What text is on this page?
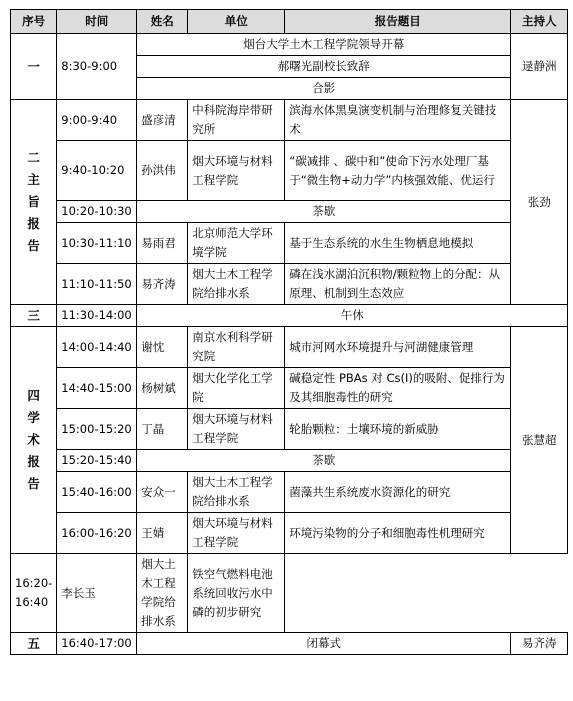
序号	时间	姓名	单位	报告题目	主持人
一	8:30-9:00	烟台大学土木工程学院领导开幕			逯静洲
		郝曙光副校长致辞			
		合影			

二
主
旨
报
告	9:00-9:40	盛彦清	中科院海岸带研究所	滨海水体黑臭演变机制与治理修复关键技术	张劲
	9:40-10:20	孙洪伟	烟大环境与材料工程学院	“碳减排 、碳中和”使命下污水处理厂基于“微生物+动力学”内核强效能、优运行	
	10:20-10:30	茶歇			
	10:30-11:10	易雨君	北京师范大学环境学院	基于生态系统的水生生物栖息地模拟	
	11:10-11:50	易齐涛	烟大土木工程学院给排水系	磷在浅水湖泊沉积物/颗粒物上的分配：从原理、机制到生态效应	
三	11:30-14:00	午休			

四
学
术
报
告	14:00-14:40	谢忱	南京水利科学研究院	城市河网水环境提升与河湖健康管理	张慧超
	14:40-15:00	杨树斌	烟大化学化工学院	碱稳定性 PBAs 对 Cs(I)的吸附、促排行为及其细胞毒性的研究	
	15:00-15:20	丁晶	烟大环境与材料工程学院	轮胎颗粒：土壤环境的新威胁	
	15:20-15:40	茶歇			
	15:40-16:00	安众一	烟大土木工程学院给排水系	菌藻共生系统废水资源化的研究	
	16:00-16:20	王婧	烟大环境与材料工程学院	环境污染物的分子和细胞毒性机理研究	
16:20-16:40	李长玉	烟大土木工程学院给排水系	铁空气燃料电池系统回收污水中磷的初步研究		
五	16:40-17:00	闭幕式			易齐涛
